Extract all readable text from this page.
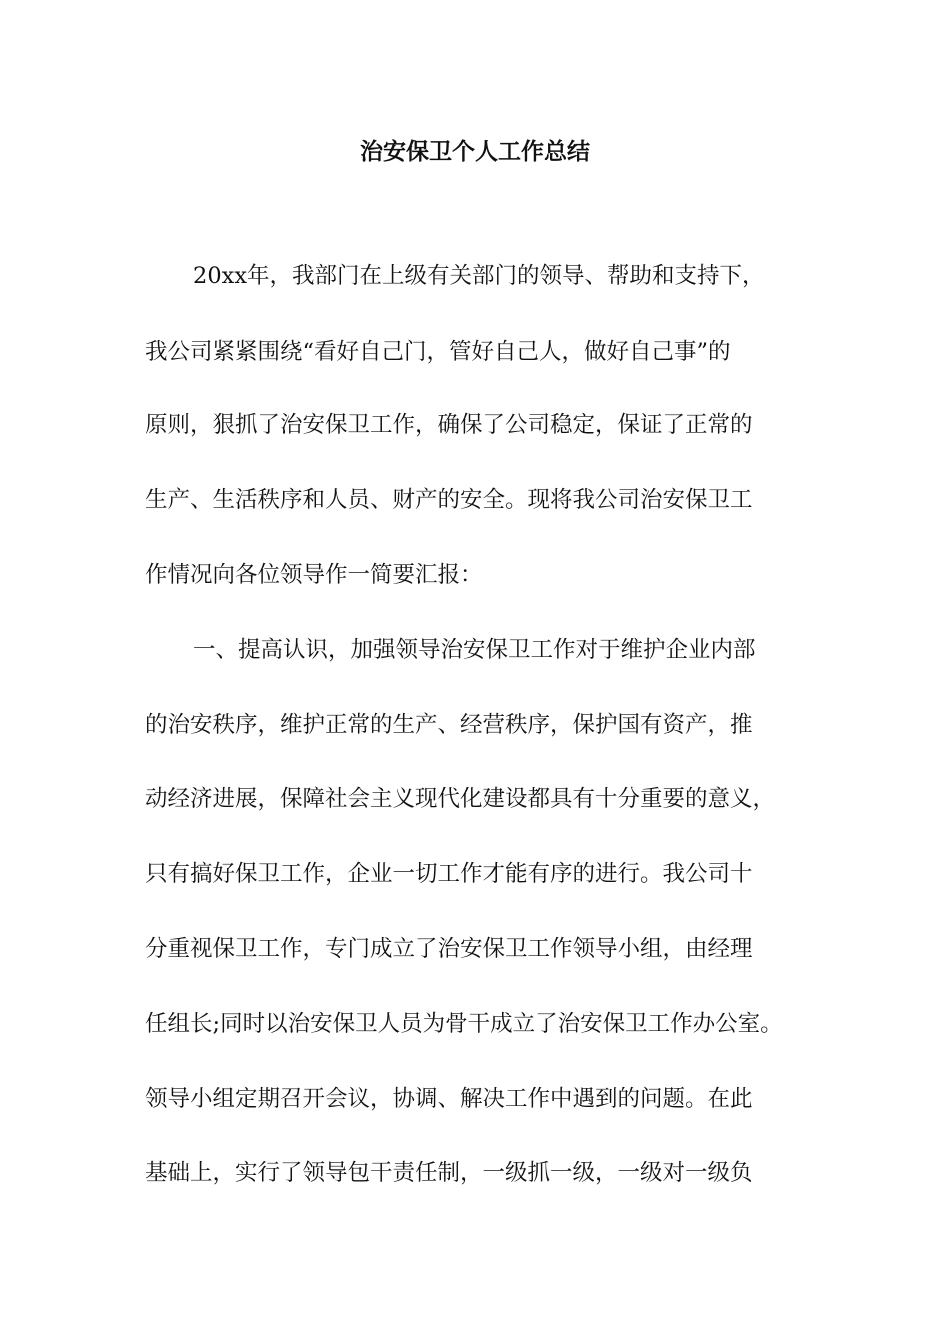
治安保卫个人工作总结

20xx年，我部门在上级有关部门的领导、帮助和支持下，

我公司紧紧围绕“看好自己门，管好自己人，做好自己事”的

原则，狠抓了治安保卫工作，确保了公司稳定，保证了正常的

生产、生活秩序和人员、财产的安全。现将我公司治安保卫工

作情况向各位领导作一简要汇报：

一、提高认识，加强领导治安保卫工作对于维护企业内部

的治安秩序，维护正常的生产、经营秩序，保护国有资产，推

动经济进展，保障社会主义现代化建设都具有十分重要的意义，

只有搞好保卫工作，企业一切工作才能有序的进行。我公司十

分重视保卫工作，专门成立了治安保卫工作领导小组，由经理

任组长;同时以治安保卫人员为骨干成立了治安保卫工作办公室。

领导小组定期召开会议，协调、解决工作中遇到的问题。在此

基础上，实行了领导包干责任制，一级抓一级，一级对一级负
